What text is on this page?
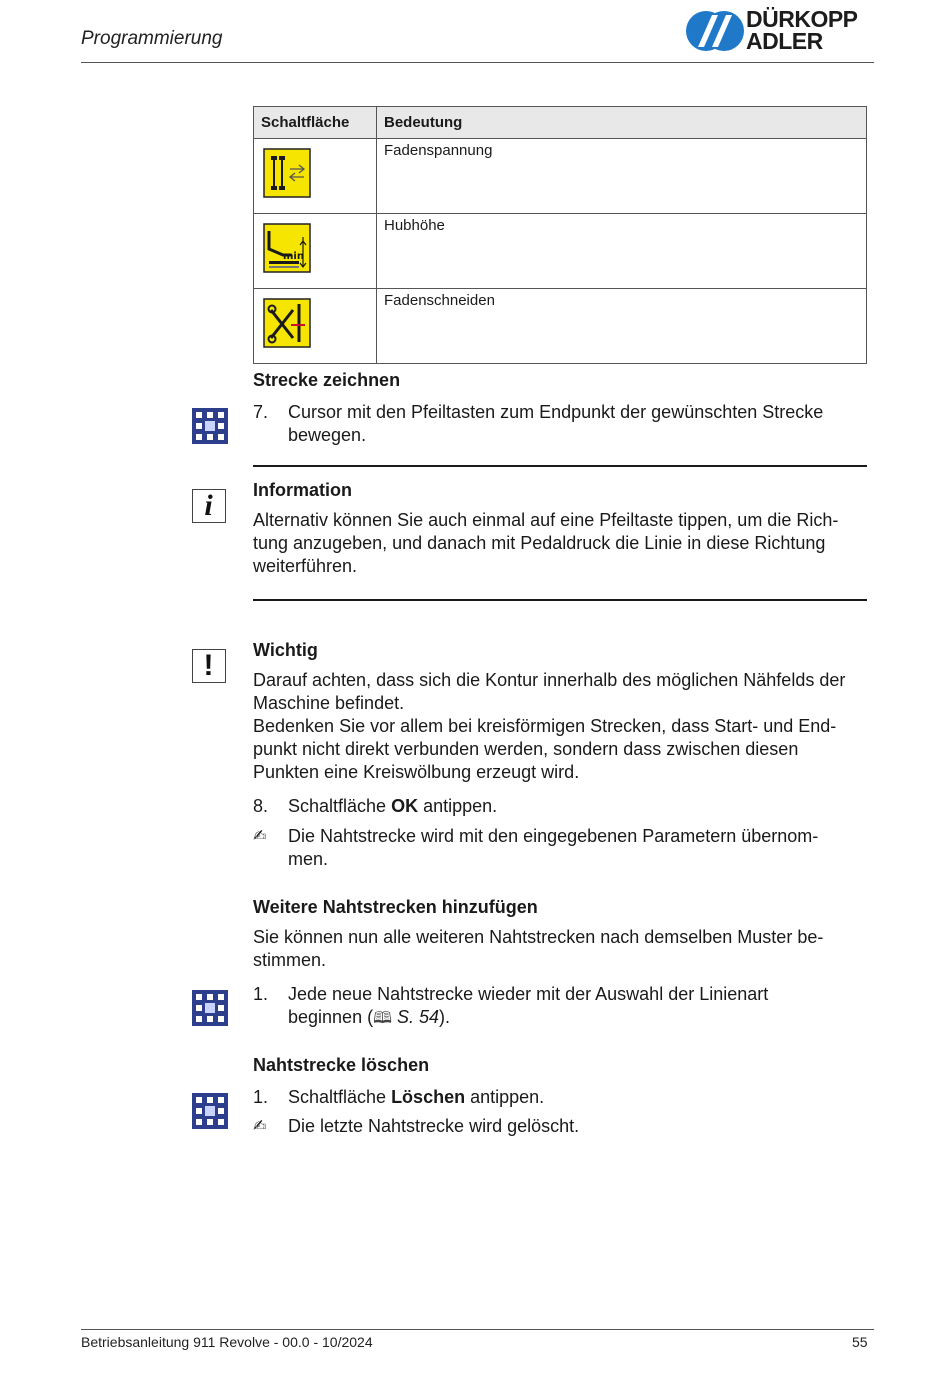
Programmierung
DÜRKOPP
ADLER
Schaltfläche	Bedeutung

	Fadenspannung

min	Hubhöhe

	Fadenschneiden
Strecke zeichnen
7. Cursor mit den Pfeiltasten zum Endpunkt der gewünschten Strecke
bewegen.
i	Information
Alternativ können Sie auch einmal auf eine Pfeiltaste tippen, um die Rich-
tung anzugeben, und danach mit Pedaldruck die Linie in diese Richtung
weiterführen.
!	Wichtig
Darauf achten, dass sich die Kontur innerhalb des möglichen Nähfelds der
Maschine befindet.
Bedenken Sie vor allem bei kreisförmigen Strecken, dass Start- und End-
punkt nicht direkt verbunden werden, sondern dass zwischen diesen
Punkten eine Kreiswölbung erzeugt wird.
8. Schaltfläche OK antippen.
✍ Die Nahtstrecke wird mit den eingegebenen Parametern übernom-
men.
Weitere Nahtstrecken hinzufügen
Sie können nun alle weiteren Nahtstrecken nach demselben Muster be-
stimmen.
1. Jede neue Nahtstrecke wieder mit der Auswahl der Linienart
beginnen (🕮 S. 54).
Nahtstrecke löschen
1. Schaltfläche Löschen antippen.
✍ Die letzte Nahtstrecke wird gelöscht.
Betriebsanleitung 911 Revolve - 00.0 - 10/2024	55
